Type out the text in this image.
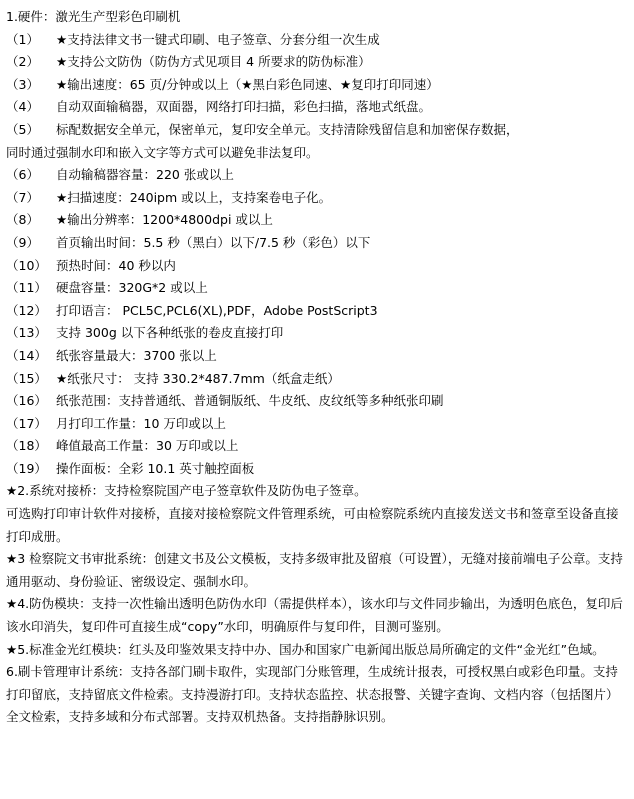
1.硬件：激光生产型彩色印刷机
（1） ★支持法律文书一键式印刷、电子签章、分套分组一次生成
（2） ★支持公文防伪（防伪方式见项目 4 所要求的防伪标准）
（3） ★输出速度：65 页/分钟或以上（★黑白彩色同速、★复印打印同速）
（4） 自动双面输稿器，双面器，网络打印扫描，彩色扫描，落地式纸盘。
（5） 标配数据安全单元，保密单元，复印安全单元。支持清除残留信息和加密保存数据，
同时通过强制水印和嵌入文字等方式可以避免非法复印。
（6） 自动输稿器容量：220 张或以上
（7） ★扫描速度：240ipm 或以上，支持案卷电子化。
（8） ★输出分辨率：1200*4800dpi 或以上
（9） 首页输出时间：5.5 秒（黑白）以下/7.5 秒（彩色）以下
（10） 预热时间：40 秒以内
（11） 硬盘容量：320G*2 或以上
（12） 打印语言： PCL5C,PCL6(XL),PDF，Adobe PostScript3
（13） 支持 300g 以下各种纸张的卷皮直接打印
（14） 纸张容量最大：3700 张以上
（15） ★纸张尺寸： 支持 330.2*487.7mm（纸盒走纸）
（16） 纸张范围：支持普通纸、普通铜版纸、牛皮纸、皮纹纸等多种纸张印刷
（17） 月打印工作量：10 万印或以上
（18） 峰值最高工作量：30 万印或以上
（19） 操作面板：全彩 10.1 英寸触控面板
★2.系统对接桥：支持检察院国产电子签章软件及防伪电子签章。
可选购打印审计软件对接桥，直接对接检察院文件管理系统，可由检察院系统内直接发送文书和签章至设备直接打印成册。
★3 检察院文书审批系统：创建文书及公文模板，支持多级审批及留痕（可设置），无缝对接前端电子公章。支持通用驱动、身份验证、密级设定、强制水印。
★4.防伪模块：支持一次性输出透明色防伪水印（需提供样本），该水印与文件同步输出，为透明色底色，复印后该水印消失，复印件可直接生成“copy”水印，明确原件与复印件，目测可鉴别。
★5.标准金光红模块：红头及印鉴效果支持中办、国办和国家广电新闻出版总局所确定的文件“金光红”色域。
6.刷卡管理审计系统：支持各部门刷卡取件，实现部门分账管理，生成统计报表，可授权黑白或彩色印量。支持打印留底，支持留底文件检索。支持漫游打印。支持状态监控、状态报警、关键字查询、文档内容（包括图片）全文检索，支持多域和分布式部署。支持双机热备。支持指静脉识别。
